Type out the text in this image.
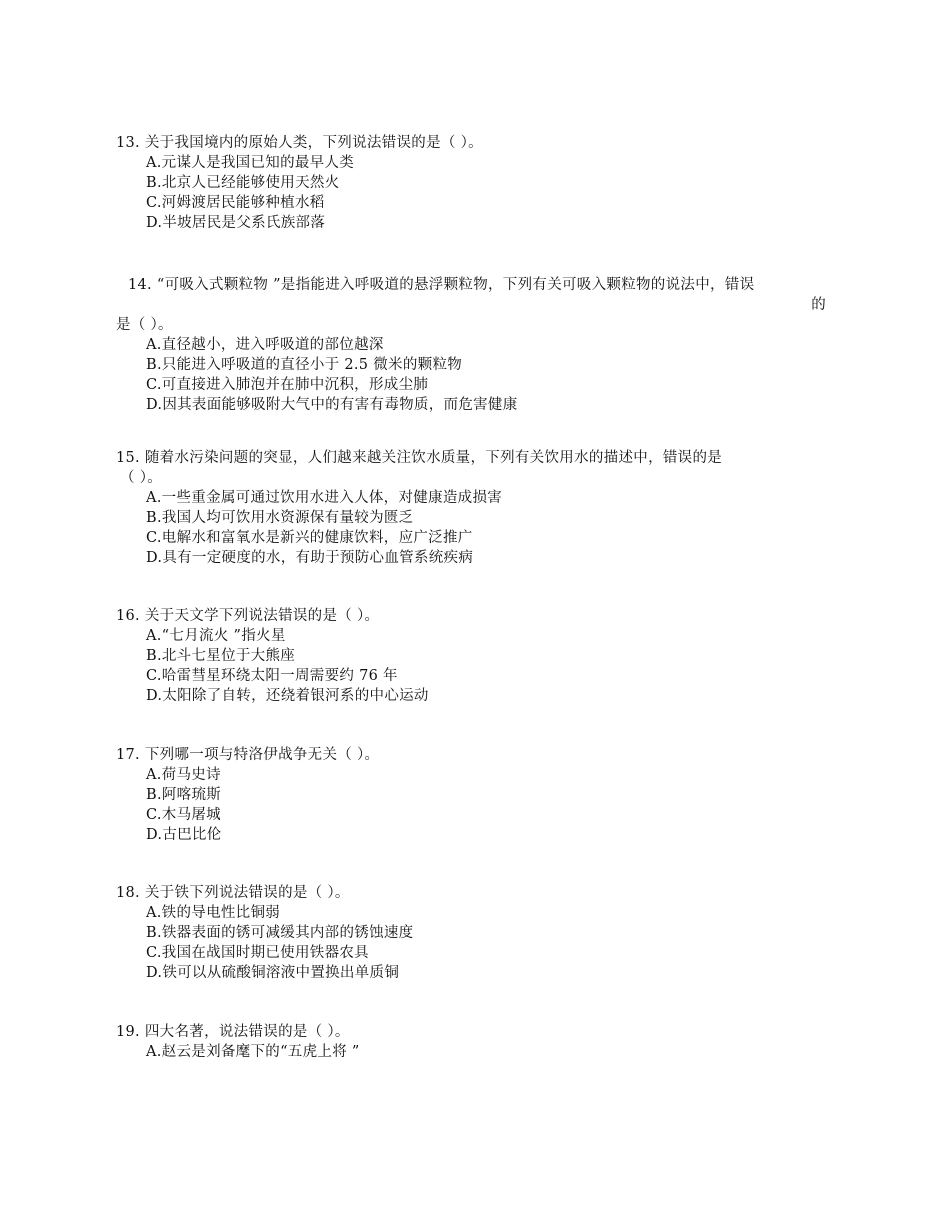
13. 关于我国境内的原始人类，下列说法错误的是（ ）。
A.元谋人是我国已知的最早人类
B.北京人已经能够使用天然火
C.河姆渡居民能够种植水稻
D.半坡居民是父系氏族部落
14. “可吸入式颗粒物 ”是指能进入呼吸道的悬浮颗粒物，下列有关可吸入颗粒物的说法中，错误
的
是（ ）。
A.直径越小，进入呼吸道的部位越深
B.只能进入呼吸道的直径小于 2.5 微米的颗粒物
C.可直接进入肺泡并在肺中沉积，形成尘肺
D.因其表面能够吸附大气中的有害有毒物质，而危害健康
15. 随着水污染问题的突显，人们越来越关注饮水质量，下列有关饮用水的描述中，错误的是
（ ）。
A.一些重金属可通过饮用水进入人体，对健康造成损害
B.我国人均可饮用水资源保有量较为匮乏
C.电解水和富氧水是新兴的健康饮料，应广泛推广
D.具有一定硬度的水，有助于预防心血管系统疾病
16. 关于天文学下列说法错误的是（ ）。
A.“七月流火 ”指火星
B.北斗七星位于大熊座
C.哈雷彗星环绕太阳一周需要约 76 年
D.太阳除了自转，还绕着银河系的中心运动
17. 下列哪一项与特洛伊战争无关（ ）。
A.荷马史诗
B.阿喀琉斯
C.木马屠城
D.古巴比伦
18. 关于铁下列说法错误的是（ ）。
A.铁的导电性比铜弱
B.铁器表面的锈可减缓其内部的锈蚀速度
C.我国在战国时期已使用铁器农具
D.铁可以从硫酸铜溶液中置换出单质铜
19. 四大名著，说法错误的是（ ）。
A.赵云是刘备麾下的“五虎上将 ”
